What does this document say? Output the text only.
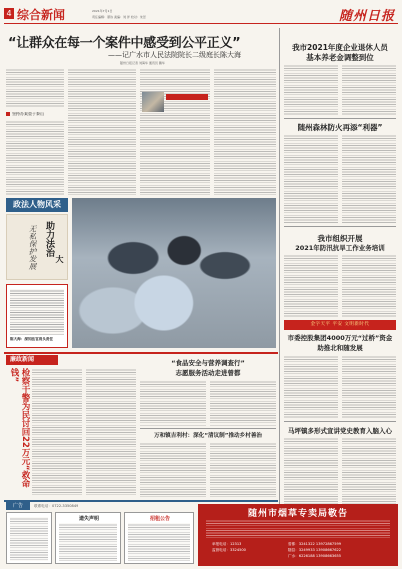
4 综合新闻	2021年7月1日
责任编辑：谭诗 美编：刘 洋 校对：朱昱	随州日报
“让群众在每一个案件中感受到公平正义”
——记广水市人民法院院长二级庭长陈大海
随州日报记者 刘海华 通讯员 魏华
坚持办案重于泰山
政法人物风采
助力法治
无私保护发展 大
陈大海：深知法官肩头责任
我市2021年度企业退休人员
基本养老金调整到位
随州森林防火再添“利器”
我市组织开展
2021年防汛抗旱工作业务培训
金字天平 平安 文明新时代
市委控股集团4000万元“过桥”资金
助推北和随发展
马坪镇多形式宣讲党史教育入脑入心
廉政新闻
检察干警为民讨回22万元“救命钱”
“食品安全与营养调查行”
志愿服务活动走进曾都
万和镇吉利村：深化“清议制”推动乡村善治
广告	联系电话：0722-3350849
遗失声明	招租公告	随州市烟草专卖局敬告
举报电话：12313
监督电话：3324500
曾都：3241322 13972867599
随县：3249933 13908667622
广水：6226188 13908663655
